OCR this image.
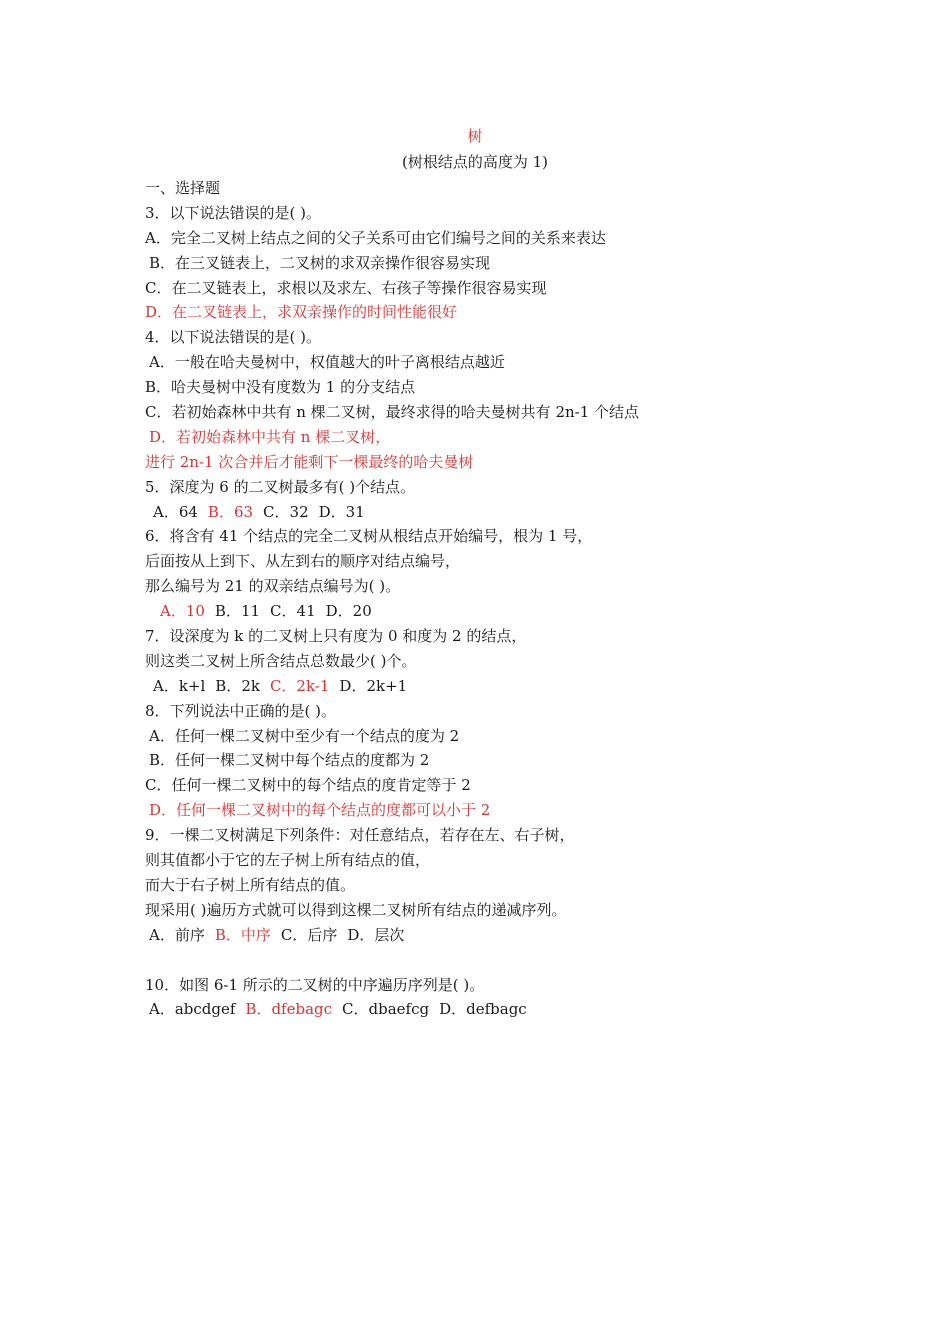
树
(树根结点的高度为 1)
一、选择题
3．以下说法错误的是( )。
A．完全二叉树上结点之间的父子关系可由它们编号之间的关系来表达
B．在三叉链表上，二叉树的求双亲操作很容易实现
C．在二叉链表上，求根以及求左、右孩子等操作很容易实现
D．在二叉链表上，求双亲操作的时间性能很好
4．以下说法错误的是( )。
A．一般在哈夫曼树中，权值越大的叶子离根结点越近
B．哈夫曼树中没有度数为 1 的分支结点
C．若初始森林中共有 n 棵二叉树，最终求得的哈夫曼树共有 2n-1 个结点
D．若初始森林中共有 n 棵二叉树，
进行 2n-1 次合并后才能剩下一棵最终的哈夫曼树
5．深度为 6 的二叉树最多有( )个结点。
A．64 B．63 C．32 D．31
6．将含有 41 个结点的完全二叉树从根结点开始编号，根为 1 号，
后面按从上到下、从左到右的顺序对结点编号，
那么编号为 21 的双亲结点编号为( )。
A．10 B．11 C．41 D．20
7．设深度为 k 的二叉树上只有度为 0 和度为 2 的结点，
则这类二叉树上所含结点总数最少( )个。
A．k+l B．2k C．2k-1 D．2k+1
8．下列说法中正确的是( )。
A．任何一棵二叉树中至少有一个结点的度为 2
B．任何一棵二叉树中每个结点的度都为 2
C．任何一棵二叉树中的每个结点的度肯定等于 2
D．任何一棵二叉树中的每个结点的度都可以小于 2
9．一棵二叉树满足下列条件：对任意结点，若存在左、右子树，
则其值都小于它的左子树上所有结点的值，
而大于右子树上所有结点的值。
现采用( )遍历方式就可以得到这棵二叉树所有结点的递减序列。
A．前序 B．中序 C．后序 D．层次
10．如图 6-1 所示的二叉树的中序遍历序列是( )。
A．abcdgef B．dfebagc C．dbaefcg D．defbagc
